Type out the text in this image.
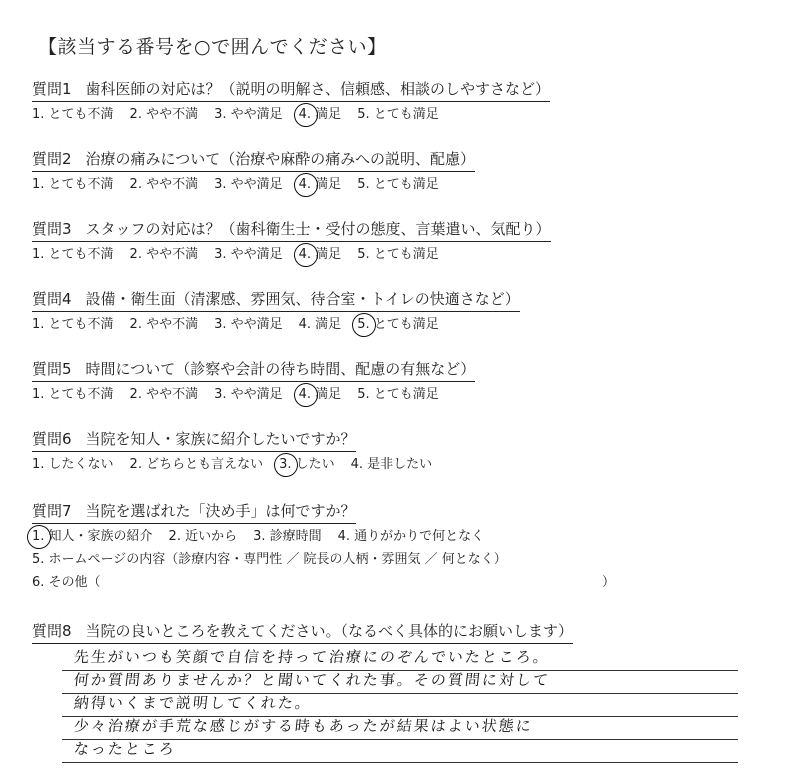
【該当する番号を○で囲んでください】
質問1 歯科医師の対応は？（説明の明解さ、信頼感、相談のしやすさなど）
1. とても不満 2. やや不満 3. やや満足 4. 満足 5. とても満足
質問2 治療の痛みについて（治療や麻酔の痛みへの説明、配慮）
1. とても不満 2. やや不満 3. やや満足 4. 満足 5. とても満足
質問3 スタッフの対応は？（歯科衛生士・受付の態度、言葉遣い、気配り）
1. とても不満 2. やや不満 3. やや満足 4. 満足 5. とても満足
質問4 設備・衛生面（清潔感、雰囲気、待合室・トイレの快適さなど）
1. とても不満 2. やや不満 3. やや満足 4. 満足 5. とても満足
質問5 時間について（診察や会計の待ち時間、配慮の有無など）
1. とても不満 2. やや不満 3. やや満足 4. 満足 5. とても満足
質問6 当院を知人・家族に紹介したいですか？
1. したくない 2. どちらとも言えない 3. したい 4. 是非したい
質問7 当院を選ばれた「決め手」は何ですか？
1. 知人・家族の紹介 2. 近いから 3. 診療時間 4. 通りがかりで何となく
5. ホームページの内容（診療内容・専門性 ／ 院長の人柄・雰囲気 ／ 何となく）
6. その他（	）
質問8 当院の良いところを教えてください。（なるべく具体的にお願いします）
先生がいつも笑顔で自信を持って治療にのぞんでいたところ。
何か質問ありませんか？と聞いてくれた事。その質問に対して
納得いくまで説明してくれた。
少々治療が手荒な感じがする時もあったが結果はよい状態に
なったところ
